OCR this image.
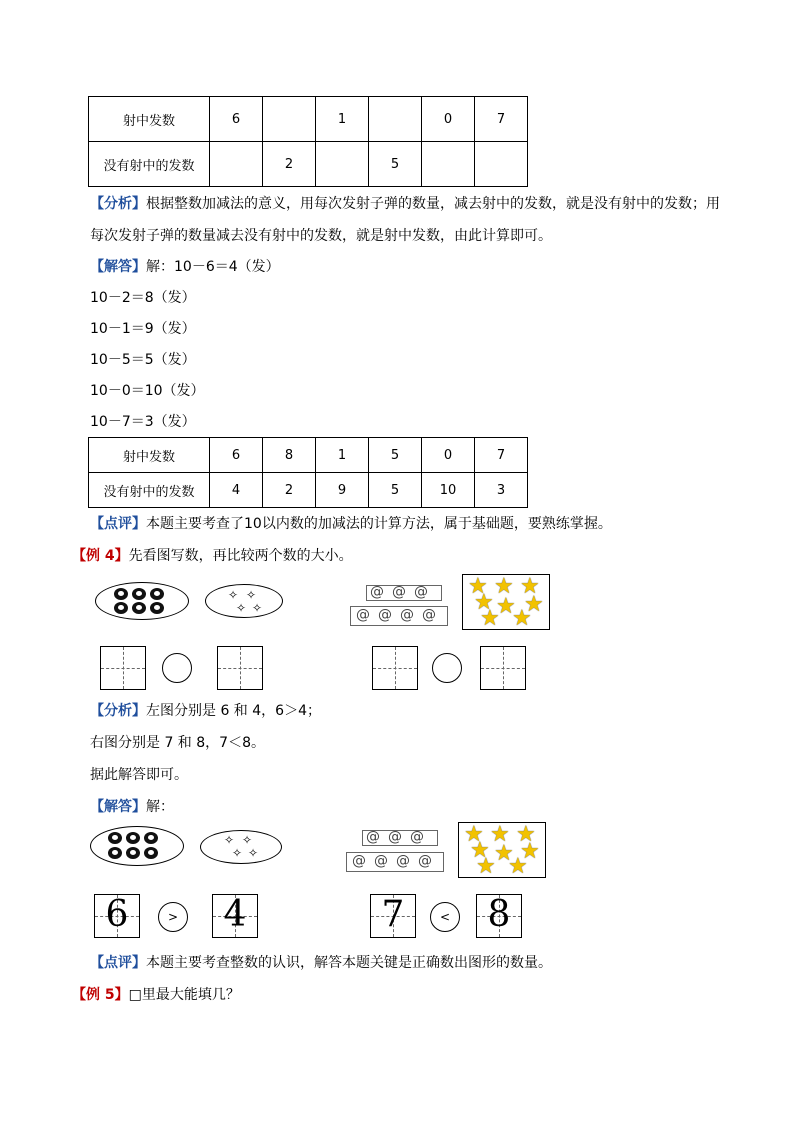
射中发数	6		1		0	7
没有射中的发数		2		5		
【分析】根据整数加减法的意义，用每次发射子弹的数量，减去射中的发数，就是没有射中的发数；用
每次发射子弹的数量减去没有射中的发数，就是射中发数，由此计算即可。
【解答】解：10－6＝4（发）
10－2＝8（发）
10－1＝9（发）
10－5＝5（发）
10－0＝10（发）
10－7＝3（发）
射中发数	6	8	1	5	0	7
没有射中的发数	4	2	9	5	10	3
【点评】本题主要考查了10以内数的加减法的计算方法，属于基础题，要熟练掌握。
【例 4】先看图写数，再比较两个数的大小。
✧ ✧
✧ ✧
@ @ @
@ @ @ @
★ ★ ★
★ ★ ★
★ ★
【分析】左图分别是 6 和 4，6＞4；
右图分别是 7 和 8，7＜8。
据此解答即可。
【解答】解：
✧ ✧
✧ ✧
@ @ @
@ @ @ @
★ ★ ★
★ ★ ★
★ ★
6	> 4	7	< 8
【点评】本题主要考查整数的认识，解答本题关键是正确数出图形的数量。
【例 5】□里最大能填几？
